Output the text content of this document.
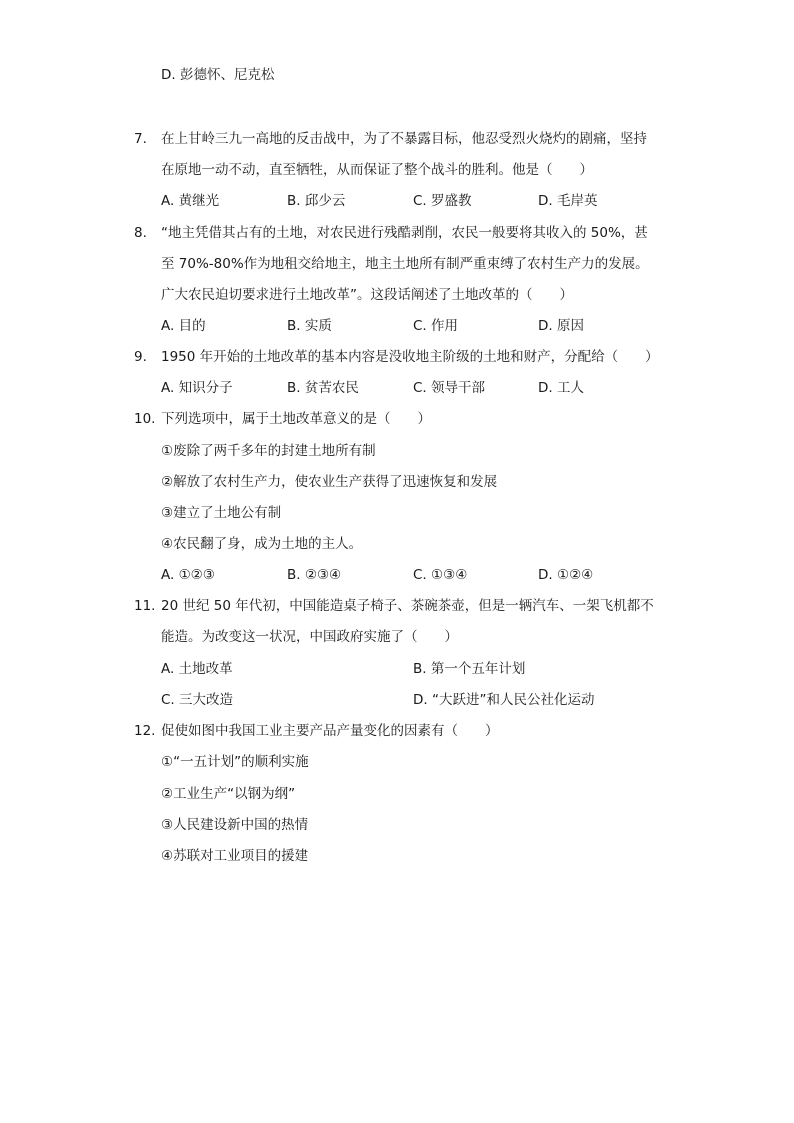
D. 彭德怀、尼克松
7. 在上甘岭三九一高地的反击战中，为了不暴露目标，他忍受烈火烧灼的剧痛，坚持
在原地一动不动，直至牺牲，从而保证了整个战斗的胜利。他是（　　）
A. 黄继光	B. 邱少云	C. 罗盛教	D. 毛岸英
8. “地主凭借其占有的土地，对农民进行残酷剥削，农民一般要将其收入的 50%，甚
至 70%-80%作为地租交给地主，地主土地所有制严重束缚了农村生产力的发展。
广大农民迫切要求进行土地改革”。这段话阐述了土地改革的（　　）
A. 目的	B. 实质	C. 作用	D. 原因
9. 1950 年开始的土地改革的基本内容是没收地主阶级的土地和财产，分配给（　　）
A. 知识分子	B. 贫苦农民	C. 领导干部	D. 工人
10. 下列选项中，属于土地改革意义的是（　　）
①废除了两千多年的封建土地所有制
②解放了农村生产力，使农业生产获得了迅速恢复和发展
③建立了土地公有制
④农民翻了身，成为土地的主人。
A. ①②③	B. ②③④	C. ①③④	D. ①②④
11. 20 世纪 50 年代初，中国能造桌子椅子、茶碗茶壶，但是一辆汽车、一架飞机都不
能造。为改变这一状况，中国政府实施了（　　）
A. 土地改革	B. 第一个五年计划
C. 三大改造	D. “大跃进”和人民公社化运动
12. 促使如图中我国工业主要产品产量变化的因素有（　　）
①“一五计划”的顺利实施
②工业生产“以钢为纲”
③人民建设新中国的热情
④苏联对工业项目的援建
